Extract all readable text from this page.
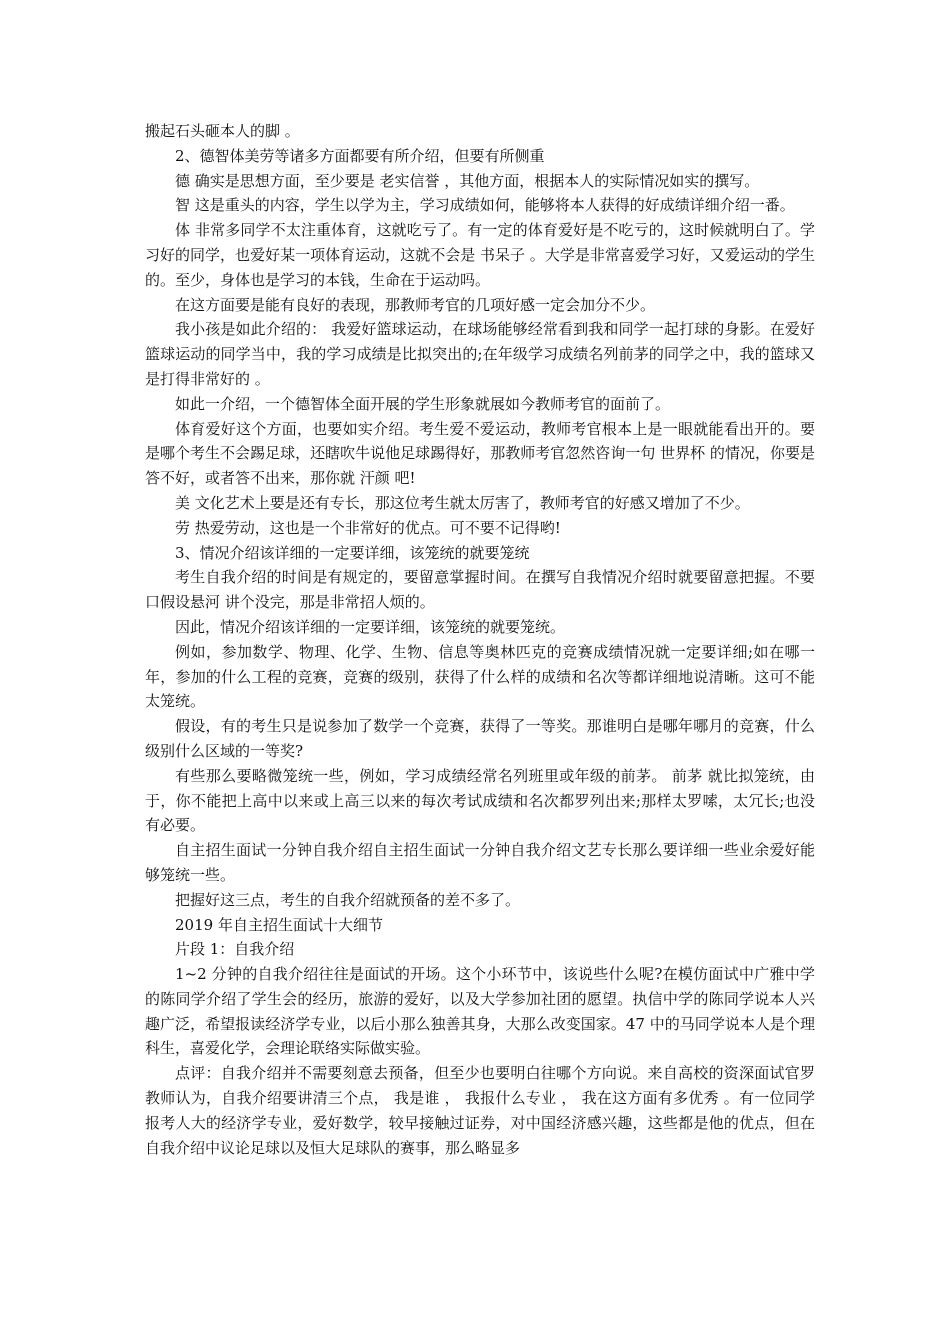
搬起石头砸本人的脚 。

2、德智体美劳等诸多方面都要有所介绍，但要有所侧重

德 确实是思想方面，至少要是 老实信誉 ，其他方面，根据本人的实际情况如实的撰写。

智 这是重头的内容，学生以学为主，学习成绩如何，能够将本人获得的好成绩详细介绍一番。

体 非常多同学不太注重体育，这就吃亏了。有一定的体育爱好是不吃亏的，这时候就明白了。学习好的同学，也爱好某一项体育运动，这就不会是 书呆子 。大学是非常喜爱学习好，又爱运动的学生的。至少，身体也是学习的本钱，生命在于运动吗。

在这方面要是能有良好的表现，那教师考官的几项好感一定会加分不少。

我小孩是如此介绍的： 我爱好篮球运动，在球场能够经常看到我和同学一起打球的身影。在爱好篮球运动的同学当中，我的学习成绩是比拟突出的;在年级学习成绩名列前茅的同学之中，我的篮球又是打得非常好的 。

如此一介绍，一个德智体全面开展的学生形象就展如今教师考官的面前了。

体育爱好这个方面，也要如实介绍。考生爱不爱运动，教师考官根本上是一眼就能看出开的。要是哪个考生不会踢足球，还瞎吹牛说他足球踢得好，那教师考官忽然咨询一句 世界杯 的情况，你要是答不好，或者答不出来，那你就 汗颜 吧!

美 文化艺术上要是还有专长，那这位考生就太厉害了，教师考官的好感又增加了不少。

劳 热爱劳动，这也是一个非常好的优点。可不要不记得哟!

3、情况介绍该详细的一定要详细，该笼统的就要笼统

考生自我介绍的时间是有规定的，要留意掌握时间。在撰写自我情况介绍时就要留意把握。不要 口假设悬河 讲个没完，那是非常招人烦的。

因此，情况介绍该详细的一定要详细，该笼统的就要笼统。

例如，参加数学、物理、化学、生物、信息等奥林匹克的竞赛成绩情况就一定要详细;如在哪一年，参加的什么工程的竞赛，竞赛的级别，获得了什么样的成绩和名次等都详细地说清晰。这可不能太笼统。

假设，有的考生只是说参加了数学一个竞赛，获得了一等奖。那谁明白是哪年哪月的竞赛，什么级别什么区域的一等奖?

有些那么要略微笼统一些，例如，学习成绩经常名列班里或年级的前茅。 前茅 就比拟笼统，由于，你不能把上高中以来或上高三以来的每次考试成绩和名次都罗列出来;那样太罗嗦，太冗长;也没有必要。

自主招生面试一分钟自我介绍自主招生面试一分钟自我介绍文艺专长那么要详细一些业余爱好能够笼统一些。

把握好这三点，考生的自我介绍就预备的差不多了。

2019 年自主招生面试十大细节

片段 1：自我介绍

1~2 分钟的自我介绍往往是面试的开场。这个小环节中，该说些什么呢?在模仿面试中广雅中学的陈同学介绍了学生会的经历，旅游的爱好，以及大学参加社团的愿望。执信中学的陈同学说本人兴趣广泛，希望报读经济学专业，以后小那么独善其身，大那么改变国家。47 中的马同学说本人是个理科生，喜爱化学，会理论联络实际做实验。

点评：自我介绍并不需要刻意去预备，但至少也要明白往哪个方向说。来自高校的资深面试官罗教师认为，自我介绍要讲清三个点， 我是谁 ， 我报什么专业 ， 我在这方面有多优秀 。有一位同学报考人大的经济学专业，爱好数学，较早接触过证券，对中国经济感兴趣，这些都是他的优点，但在自我介绍中议论足球以及恒大足球队的赛事，那么略显多
